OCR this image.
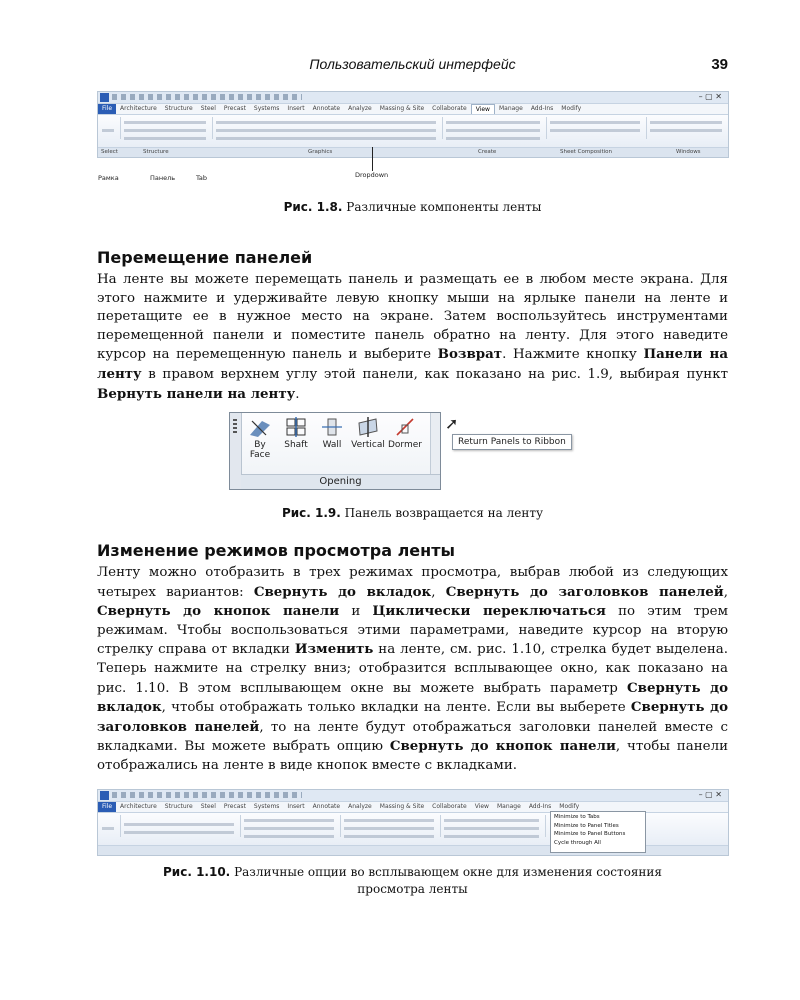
Пользовательский интерфейс	39
– ▢ ✕
File	Architecture	Structure	Steel	Precast	Systems	Insert	Annotate	Analyze	Massing & Site	Collaborate	View	Manage	Add-Ins	Modify
Select	Structure	Graphics	Create	Sheet Composition	Windows
Рамка	Панель	Tab	Dropdown
Рис. 1.8. Различные компоненты ленты
Перемещение панелей

На ленте вы можете перемещать панель и размещать ее в любом месте экрана. Для этого нажмите и удерживайте левую кнопку мыши на ярлыке панели на ленте и перетащите ее в нужное место на экране. Затем воспользуйтесь инструментами перемещенной панели и поместите панель обратно на ленту. Для этого наведите курсор на перемещенную панель и выберите Возврат. Нажмите кнопку Панели на ленту в правом верхнем углу этой панели, как показано на рис. 1.9, выбирая пункт Вернуть панели на ленту.

By Face
Shaft	Wall	Vertical Dormer
Opening
➚
Return Panels to Ribbon
Рис. 1.9. Панель возвращается на ленту
Изменение режимов просмотра ленты

Ленту можно отобразить в трех режимах просмотра, выбрав любой из следующих четырех вариантов: Свернуть до вкладок, Свернуть до заголовков панелей, Свернуть до кнопок панели и Циклически переключаться по этим трем режимам. Чтобы воспользоваться этими параметрами, наведите курсор на вторую стрелку справа от вкладки Изменить на ленте, см. рис. 1.10, стрелка будет выделена. Теперь нажмите на стрелку вниз; отобразится всплывающее окно, как показано на рис. 1.10. В этом всплывающем окне вы можете выбрать параметр Свернуть до вкладок, чтобы отображать только вкладки на ленте. Если вы выберете Свернуть до заголовков панелей, то на ленте будут отображаться заголовки панелей вместе с вкладками. Вы можете выбрать опцию Свернуть до кнопок панели, чтобы панели отображались на ленте в виде кнопок вместе с вкладками.

– ▢ ✕
File	Architecture	Structure	Steel	Precast	Systems	Insert	Annotate	Analyze	Massing & Site	Collaborate	View	Manage	Add-Ins	Modify
Minimize to Tabs
Minimize to Panel Titles
Minimize to Panel Buttons
Cycle through All
Рис. 1.10. Различные опции во всплывающем окне для изменения состояния
просмотра ленты
